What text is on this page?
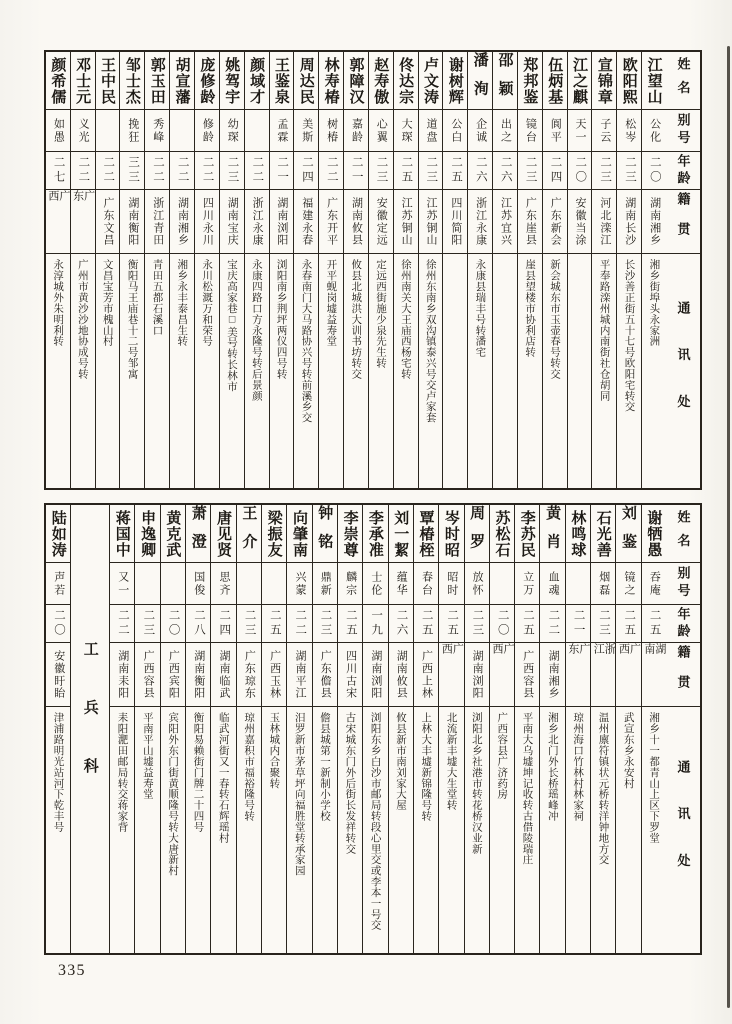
姓名
别号
年龄
籍贯
通讯处
江望山
公化
二〇
湖南湘乡
湘乡街埠头永家洲
欧阳熙
松岑
二三
湖南长沙
长沙善正街五十七号欧阳宅转交
宣锦章
子云
二三
河北滦江
平奉路滦州城内南街社仓胡同
江之麒
天一
二〇
安徽当涂
伍炳基
阆平
二四
广东新会
新会城东市玉壶春号转交
郑邦鉴
镜台
二三
广东崖县
崖县望楼市协利店转
邵颖
出之
二六
江苏宜兴
潘洵
企诚
二六
浙江永康
永康县瑞丰号转潘宅
谢树辉
公白
二五
四川简阳
卢文涛
道盘
二三
江苏铜山
徐州东南乡双沟镇泰兴号交卢家套
佟达宗
大琛
二五
江苏铜山
徐州南关大王庙西杨宅转
赵寿傲
心翼
二三
安徽定远
定远西街施少泉先生转
郭障汉
嘉龄
二一
湖南攸县
攸县北城洪大训书坊转交
林寿椿
树椿
二二
广东开平
开平蚬岗墟益寿堂
周达民
美斯
二四
福建永春
永春南门大马路协兴号转前溪乡交
王鉴泉
孟霖
二一
湖南浏阳
浏阳南乡荆坪两仪四号转
颜域才
二二
浙江永康
永康四路口方永隆号转后景颜
姚驾宇
幼琛
二三
湖南宝庆
宝庆高家巷□美号转长林市
庞修龄
修龄
二二
四川永川
永川松溉万和荣号
胡宣藩
二二
湖南湘乡
湘乡永丰泰昌生转
郭玉田
秀峰
二二
浙江青田
青田五都石溪口
邹士杰
挽狂
三三
湖南衡阳
衡阳马王庙巷十二号邹寓
王中民
二二
广东文昌
文昌宝芳市槐山村
邓士元
义光
二二
广东
广州市黄沙沙地协成号转
颜希儒
如愚
二七
广西
永淳城外朱明利转
姓名
别号
年龄
籍贯
通讯处
谢牺愚
吞庵
二五
湖南
湘乡十一都青山上区下罗堂
刘鉴
镜之
二五
广西
武宣东乡永安村
石光善
烟磊
二三
浙江
温州廪符镇状元桥转洋钟地方交
林鸣球
二一
广东
琼州海口竹林村林家祠
黄肖
血魂
二二
湖南湘乡
湘乡北门外长桥瑶峰冲
李苏民
立万
二五
广西容县
平南大乌墟坤记收转古借陵瑞庄
苏松石
二〇
广西
广西容县广济药房
周罗
放怀
二三
湖南浏阳
浏阳北乡社港市转花桥汉业新
岑时昭
昭时
二五
广西
北流新丰墟大生堂转
覃椿桎
春台
二五
广西上林
上林大丰墟新锦隆号转
刘一絜
蕴华
二六
湖南攸县
攸县新市南刘家大屋
李承准
士伦
一九
湖南浏阳
浏阳东乡白沙市邮局转段心里交或李本一号交
李崇尊
麟宗
二五
四川古宋
古宋城东门外后街长发祥转交
钟铭
鼎新
二三
广东儋县
儋县城第一新制小学校
向肇南
兴蒙
二二
湖南平江
汨罗新市茅草坪向福胜堂转承家园
梁振友
二五
广西玉林
玉林城内合聚转
王介
二三
广东琼东
琼州嘉积市福裕隆号转
唐见贤
思齐
二四
湖南临武
临武河街又一春转石辉瑶村
萧澄
国俊
二八
湖南衡阳
衡阳易赖街门牌二十四号
黄克武
二〇
广西宾阳
宾阳外东门街黄顺隆号转大唐新村
申逸卿
二三
广西容县
平南平山墟益寿堂
蒋国中
又一
二二
湖南耒阳
耒阳淝田邮局转交蒋家背
工兵科
陆如涛
声若
二〇
安徽盱眙
津浦路明光站河下乾丰号
335
